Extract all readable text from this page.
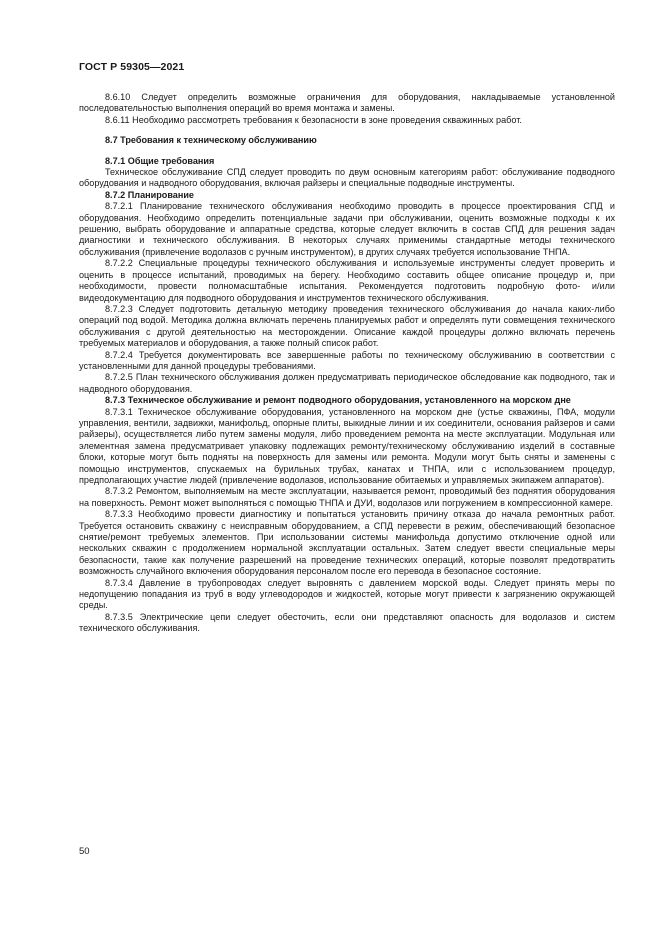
ГОСТ Р 59305—2021

8.6.10 Следует определить возможные ограничения для оборудования, накладываемые установленной последовательностью выполнения операций во время монтажа и замены.

8.6.11 Необходимо рассмотреть требования к безопасности в зоне проведения скважинных работ.

8.7 Требования к техническому обслуживанию

8.7.1 Общие требования

Техническое обслуживание СПД следует проводить по двум основным категориям работ: обслуживание подводного оборудования и надводного оборудования, включая райзеры и специальные подводные инструменты.

8.7.2 Планирование

8.7.2.1 Планирование технического обслуживания необходимо проводить в процессе проектирования СПД и оборудования. Необходимо определить потенциальные задачи при обслуживании, оценить возможные подходы к их решению, выбрать оборудование и аппаратные средства, которые следует включить в состав СПД для решения задач диагностики и технического обслуживания. В некоторых случаях применимы стандартные методы технического обслуживания (привлечение водолазов с ручным инструментом), в других случаях требуется использование ТНПА.

8.7.2.2 Специальные процедуры технического обслуживания и используемые инструменты следует проверить и оценить в процессе испытаний, проводимых на берегу. Необходимо составить общее описание процедур и, при необходимости, провести полномасштабные испытания. Рекомендуется подготовить подробную фото- и/или видеодокументацию для подводного оборудования и инструментов технического обслуживания.

8.7.2.3 Следует подготовить детальную методику проведения технического обслуживания до начала каких-либо операций под водой. Методика должна включать перечень планируемых работ и определять пути совмещения технического обслуживания с другой деятельностью на месторождении. Описание каждой процедуры должно включать перечень требуемых материалов и оборудования, а также полный список работ.

8.7.2.4 Требуется документировать все завершенные работы по техническому обслуживанию в соответствии с установленными для данной процедуры требованиями.

8.7.2.5 План технического обслуживания должен предусматривать периодическое обследование как подводного, так и надводного оборудования.

8.7.3 Техническое обслуживание и ремонт подводного оборудования, установленного на морском дне

8.7.3.1 Техническое обслуживание оборудования, установленного на морском дне (устье скважины, ПФА, модули управления, вентили, задвижки, манифольд, опорные плиты, выкидные линии и их соединители, основания райзеров и сами райзеры), осуществляется либо путем замены модуля, либо проведением ремонта на месте эксплуатации. Модульная или элементная замена предусматривает упаковку подлежащих ремонту/техническому обслуживанию изделий в составные блоки, которые могут быть подняты на поверхность для замены или ремонта. Модули могут быть сняты и заменены с помощью инструментов, спускаемых на бурильных трубах, канатах и ТНПА, или с использованием процедур, предполагающих участие людей (привлечение водолазов, использование обитаемых и управляемых экипажем аппаратов).

8.7.3.2 Ремонтом, выполняемым на месте эксплуатации, называется ремонт, проводимый без поднятия оборудования на поверхность. Ремонт может выполняться с помощью ТНПА и ДУИ, водолазов или погружением в компрессионной камере.

8.7.3.3 Необходимо провести диагностику и попытаться установить причину отказа до начала ремонтных работ. Требуется остановить скважину с неисправным оборудованием, а СПД перевести в режим, обеспечивающий безопасное снятие/ремонт требуемых элементов. При использовании системы манифольда допустимо отключение одной или нескольких скважин с продолжением нормальной эксплуатации остальных. Затем следует ввести специальные меры безопасности, такие как получение разрешений на проведение технических операций, которые позволят предотвратить возможность случайного включения оборудования персоналом после его перевода в безопасное состояние.

8.7.3.4 Давление в трубопроводах следует выровнять с давлением морской воды. Следует принять меры по недопущению попадания из труб в воду углеводородов и жидкостей, которые могут привести к загрязнению окружающей среды.

8.7.3.5 Электрические цепи следует обесточить, если они представляют опасность для водолазов и систем технического обслуживания.

50
